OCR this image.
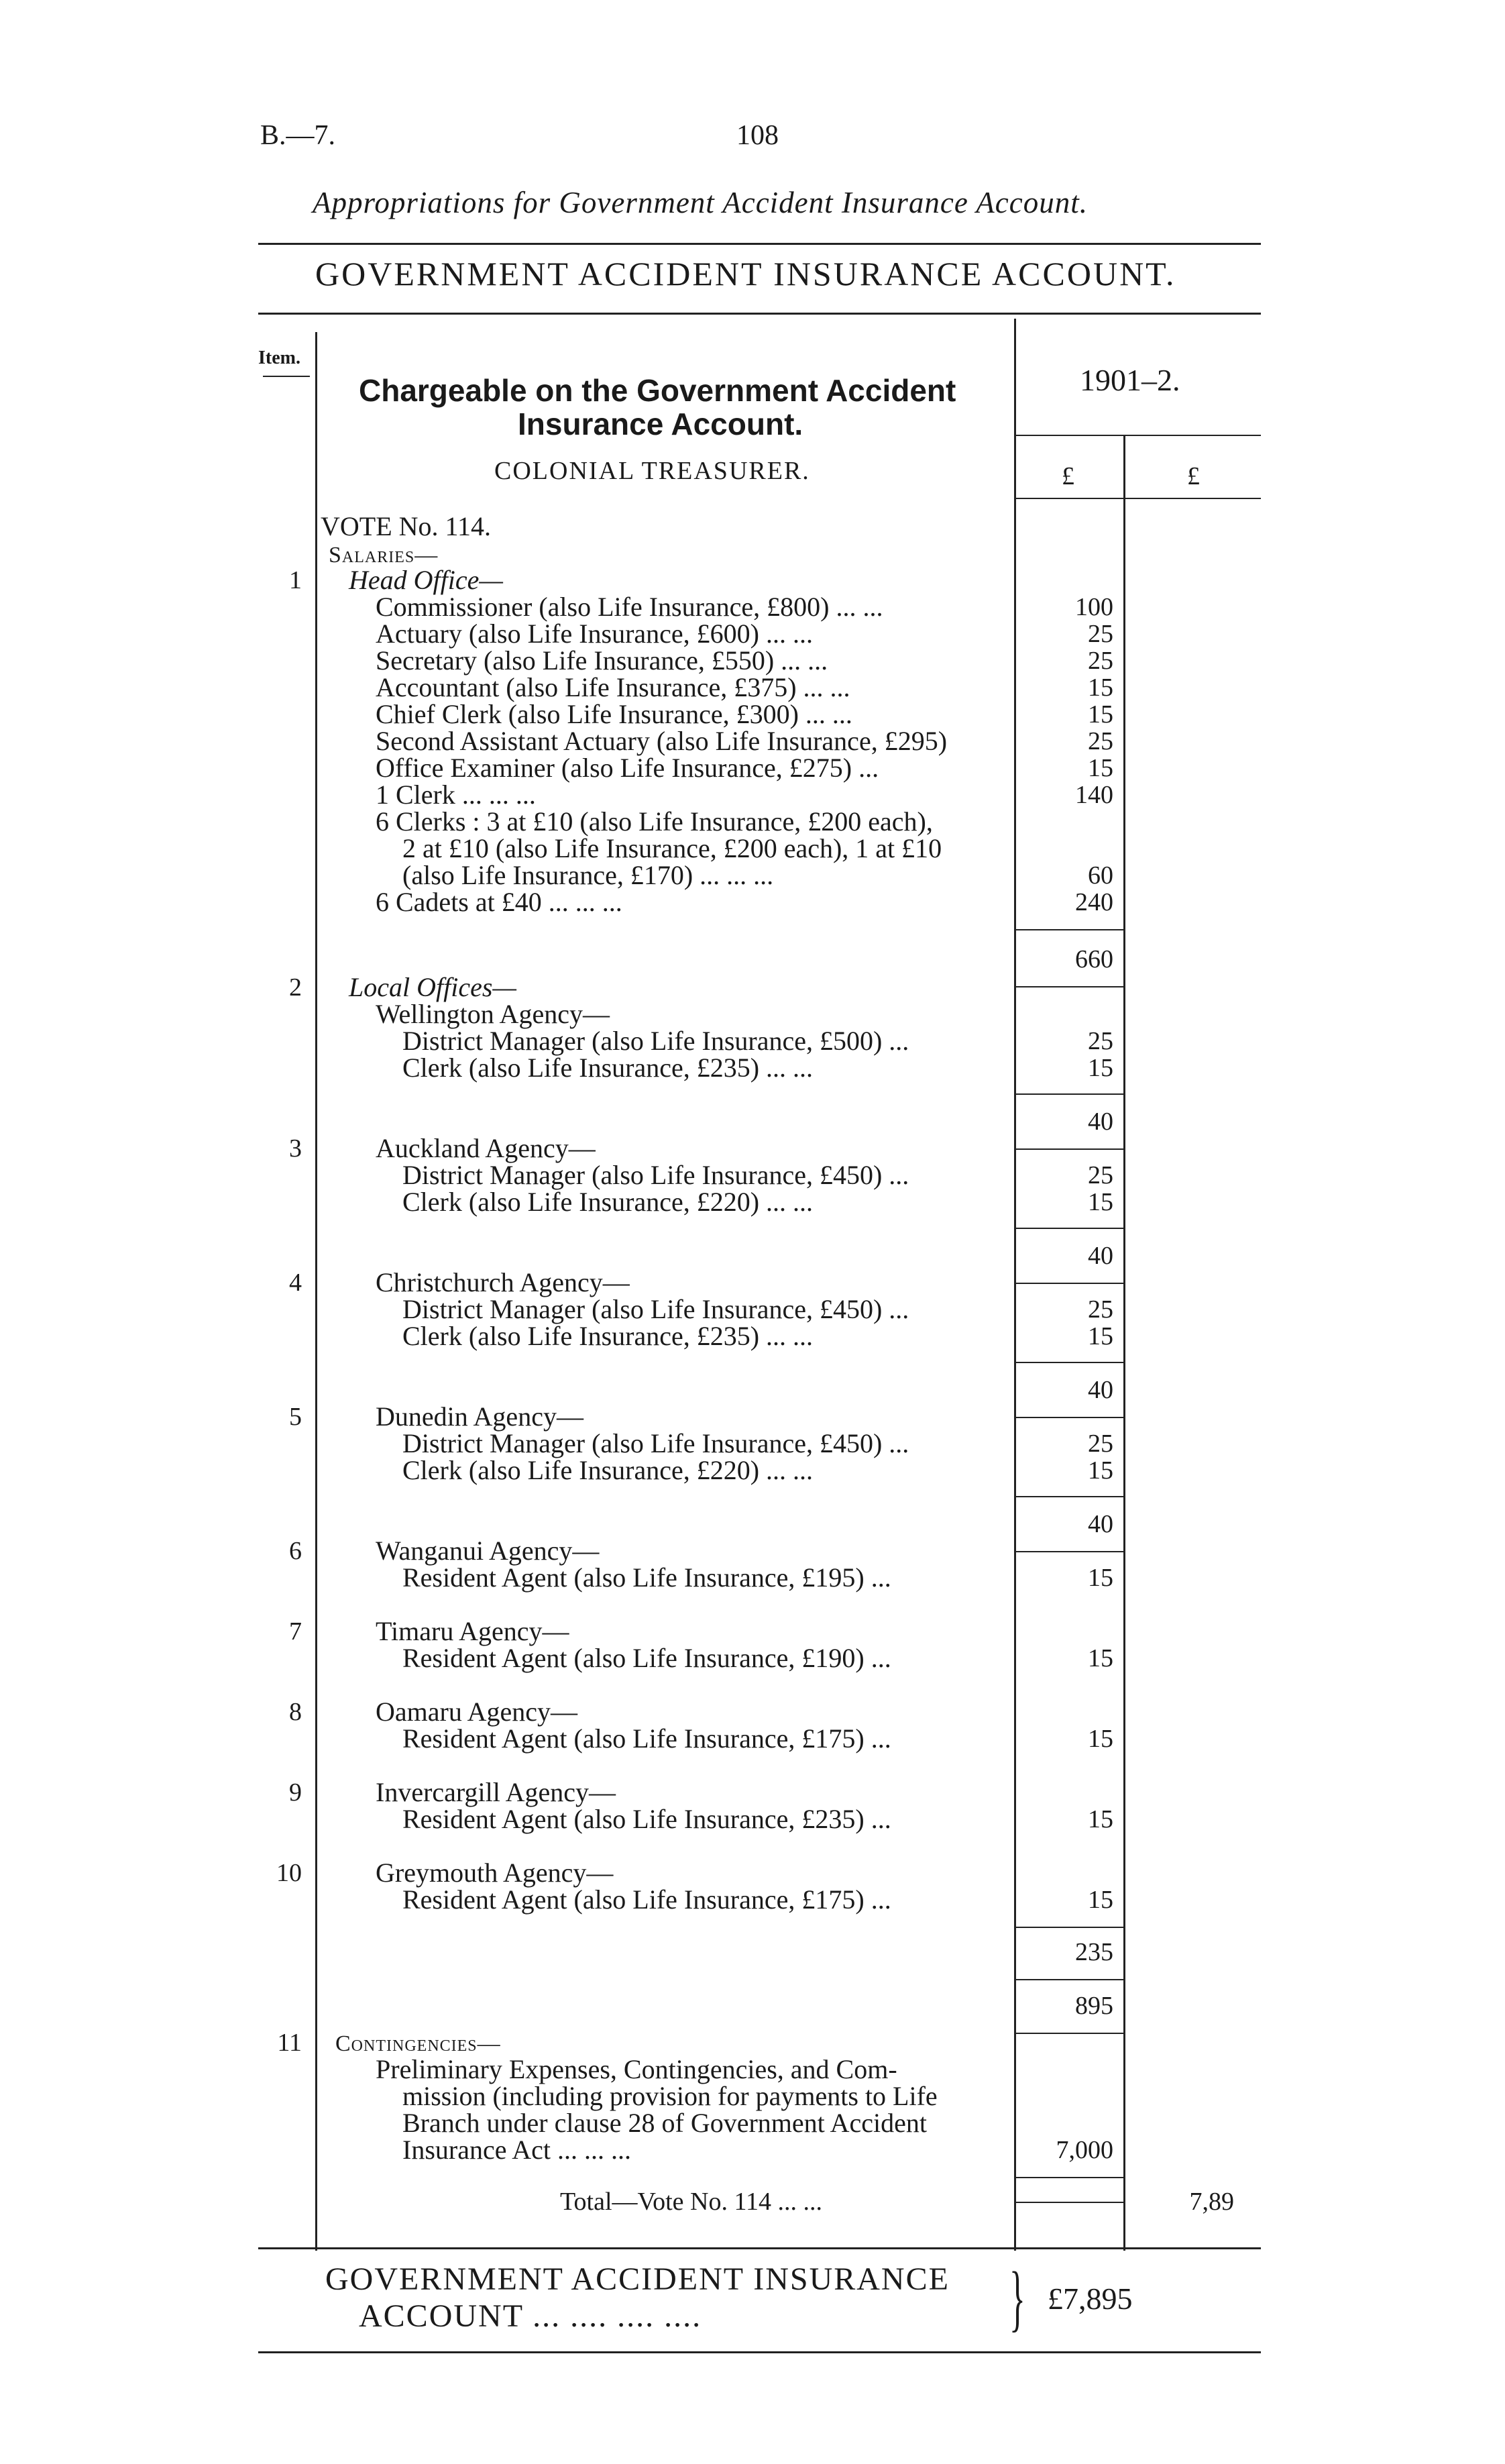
B.—7.	108
Appropriations for Government Accident Insurance Account.
GOVERNMENT ACCIDENT INSURANCE ACCOUNT.
Item.
Chargeable on the Government Accident
Insurance Account.
1901–2.
COLONIAL TREASURER.	£	£
VOTE No. 114.
Salaries—
1 Head Office—
Commissioner (also Life Insurance, £800) ... ...	100
Actuary (also Life Insurance, £600) ... ...	25
Secretary (also Life Insurance, £550) ... ...	25
Accountant (also Life Insurance, £375) ... ...	15
Chief Clerk (also Life Insurance, £300) ... ...	15
Second Assistant Actuary (also Life Insurance, £295)	25
Office Examiner (also Life Insurance, £275) ...	15
1 Clerk ... ... ...	140
6 Clerks : 3 at £10 (also Life Insurance, £200 each),
2 at £10 (also Life Insurance, £200 each), 1 at £10
(also Life Insurance, £170) ... ... ...	60
6 Cadets at £40 ... ... ...	240
660
2 Local Offices—
Wellington Agency—
District Manager (also Life Insurance, £500) ...	25
Clerk (also Life Insurance, £235) ... ...	15
40
3	Auckland Agency—
District Manager (also Life Insurance, £450) ...	25
Clerk (also Life Insurance, £220) ... ...	15
40
4	Christchurch Agency—
District Manager (also Life Insurance, £450) ...	25
Clerk (also Life Insurance, £235) ... ...	15
40
5	Dunedin Agency—
District Manager (also Life Insurance, £450) ...	25
Clerk (also Life Insurance, £220) ... ...	15
40
6	Wanganui Agency—
Resident Agent (also Life Insurance, £195) ...	15
7	Timaru Agency—
Resident Agent (also Life Insurance, £190) ...	15
8	Oamaru Agency—
Resident Agent (also Life Insurance, £175) ...	15
9	Invercargill Agency—
Resident Agent (also Life Insurance, £235) ...	15
10	Greymouth Agency—
Resident Agent (also Life Insurance, £175) ...	15
235
895
11 Contingencies—
Preliminary Expenses, Contingencies, and Com-
mission (including provision for payments to Life
Branch under clause 28 of Government Accident
Insurance Act ... ... ...	7,000
Total—Vote No. 114 ... ...	7,89
GOVERNMENT ACCIDENT INSURANCE
ACCOUNT ... .... .... ....	} £7,895
